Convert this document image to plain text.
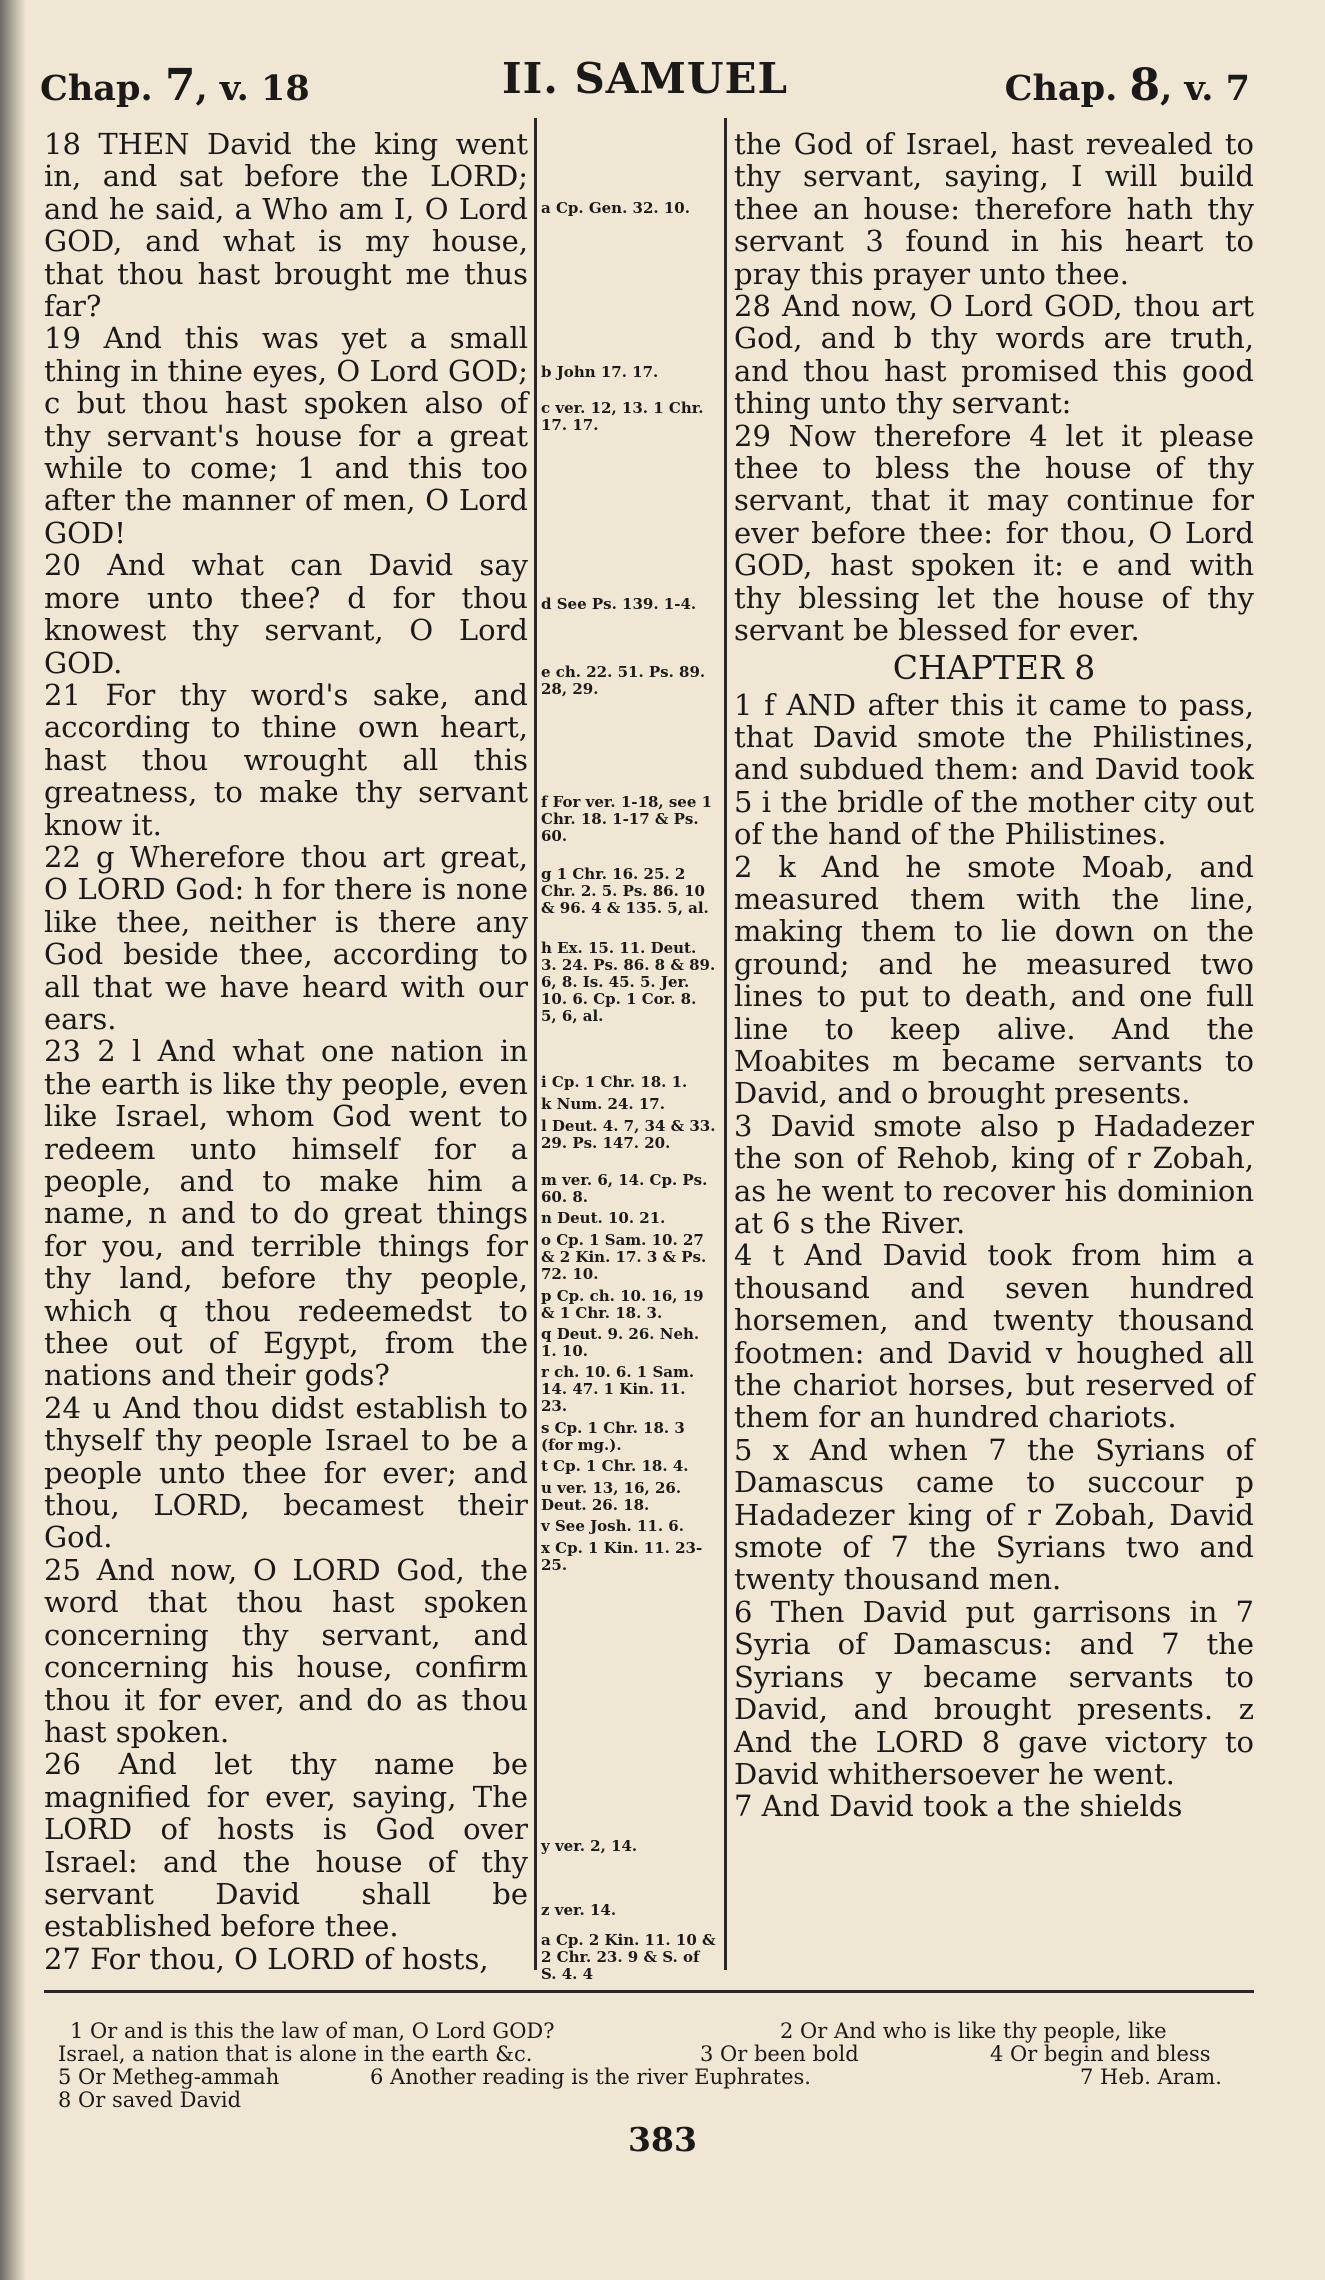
Chap. 7, v. 18	II. SAMUEL	Chap. 8, v. 7

18 THEN David the king went in, and sat before the LORD; and he said, a Who am I, O Lord GOD, and what is my house, that thou hast brought me thus far?

19 And this was yet a small thing in thine eyes, O Lord GOD; c but thou hast spoken also of thy servant's house for a great while to come; 1 and this too after the manner of men, O Lord GOD!

20 And what can David say more unto thee? d for thou knowest thy servant, O Lord GOD.

21 For thy word's sake, and according to thine own heart, hast thou wrought all this greatness, to make thy servant know it.

22 g Wherefore thou art great, O LORD God: h for there is none like thee, neither is there any God beside thee, according to all that we have heard with our ears.

23 2 l And what one nation in the earth is like thy people, even like Israel, whom God went to redeem unto himself for a people, and to make him a name, n and to do great things for you, and terrible things for thy land, before thy people, which q thou redeemedst to thee out of Egypt, from the nations and their gods?

24 u And thou didst establish to thyself thy people Israel to be a people unto thee for ever; and thou, LORD, becamest their God.

25 And now, O LORD God, the word that thou hast spoken concerning thy servant, and concerning his house, confirm thou it for ever, and do as thou hast spoken.

26 And let thy name be magnified for ever, saying, The LORD of hosts is God over Israel: and the house of thy servant David shall be established before thee.

27 For thou, O LORD of hosts,

a Cp. Gen. 32. 10.
b John 17. 17.
c ver. 12, 13. 1 Chr. 17. 17.
d See Ps. 139. 1-4.
e ch. 22. 51. Ps. 89. 28, 29.
f For ver. 1-18, see 1 Chr. 18. 1-17 & Ps. 60.
g 1 Chr. 16. 25. 2 Chr. 2. 5. Ps. 86. 10 & 96. 4 & 135. 5, al.
h Ex. 15. 11. Deut. 3. 24. Ps. 86. 8 & 89. 6, 8. Is. 45. 5. Jer. 10. 6. Cp. 1 Cor. 8. 5, 6, al.
i Cp. 1 Chr. 18. 1.
k Num. 24. 17.
l Deut. 4. 7, 34 & 33. 29. Ps. 147. 20.
m ver. 6, 14. Cp. Ps. 60. 8.
n Deut. 10. 21.
o Cp. 1 Sam. 10. 27 & 2 Kin. 17. 3 & Ps. 72. 10.
p Cp. ch. 10. 16, 19 & 1 Chr. 18. 3.
q Deut. 9. 26. Neh. 1. 10.
r ch. 10. 6. 1 Sam. 14. 47. 1 Kin. 11. 23.
s Cp. 1 Chr. 18. 3 (for mg.).
t Cp. 1 Chr. 18. 4.
u ver. 13, 16, 26. Deut. 26. 18.
v See Josh. 11. 6.
x Cp. 1 Kin. 11. 23-25.
y ver. 2, 14.
z ver. 14.
a Cp. 2 Kin. 11. 10 & 2 Chr. 23. 9 & S. of S. 4. 4

the God of Israel, hast revealed to thy servant, saying, I will build thee an house: therefore hath thy servant 3 found in his heart to pray this prayer unto thee.

28 And now, O Lord GOD, thou art God, and b thy words are truth, and thou hast promised this good thing unto thy servant:

29 Now therefore 4 let it please thee to bless the house of thy servant, that it may continue for ever before thee: for thou, O Lord GOD, hast spoken it: e and with thy blessing let the house of thy servant be blessed for ever.

CHAPTER 8

1 f AND after this it came to pass, that David smote the Philistines, and subdued them: and David took 5 i the bridle of the mother city out of the hand of the Philistines.

2 k And he smote Moab, and measured them with the line, making them to lie down on the ground; and he measured two lines to put to death, and one full line to keep alive. And the Moabites m became servants to David, and o brought presents.

3 David smote also p Hadadezer the son of Rehob, king of r Zobah, as he went to recover his dominion at 6 s the River.

4 t And David took from him a thousand and seven hundred horsemen, and twenty thousand footmen: and David v houghed all the chariot horses, but reserved of them for an hundred chariots.

5 x And when 7 the Syrians of Damascus came to succour p Hadadezer king of r Zobah, David smote of 7 the Syrians two and twenty thousand men.

6 Then David put garrisons in 7 Syria of Damascus: and 7 the Syrians y became servants to David, and brought presents. z And the LORD 8 gave victory to David whithersoever he went.

7 And David took a the shields

1 Or and is this the law of man, O Lord GOD?	2 Or And who is like thy people, like
Israel, a nation that is alone in the earth &c.	3 Or been bold	4 Or begin and bless
5 Or Metheg-ammah	6 Another reading is the river Euphrates.	7 Heb. Aram.
8 Or saved David
383
